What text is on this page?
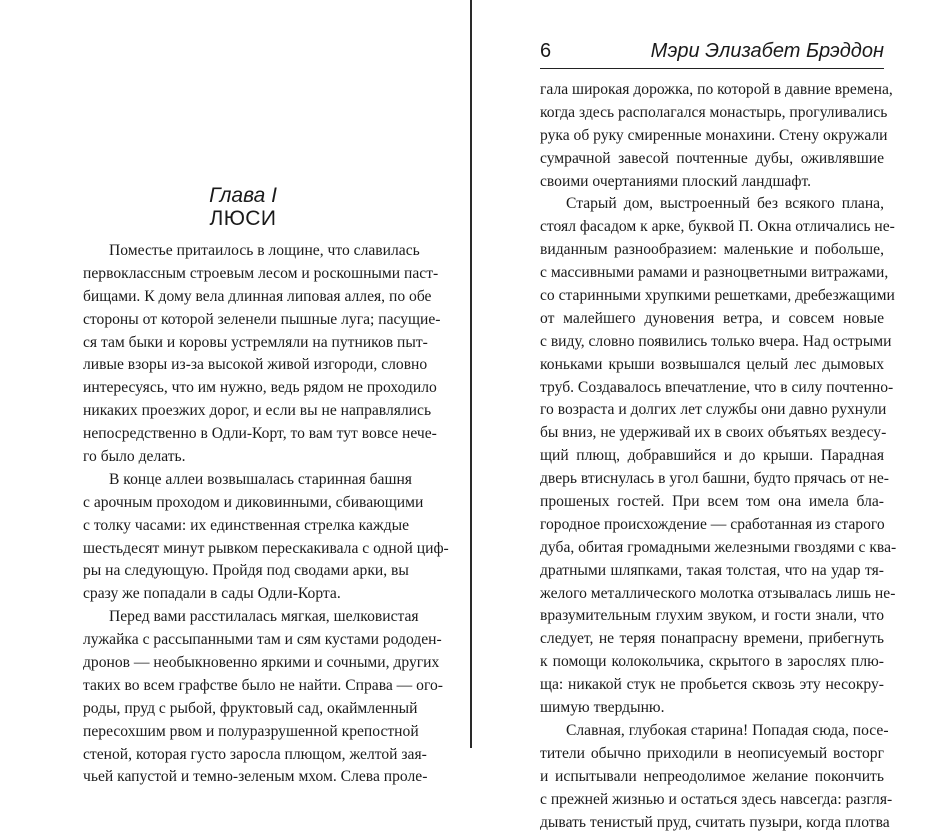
Глава I
ЛЮСИ
Поместье притаилось в лощине, что славилась
первоклассным строевым лесом и роскошными паст-
бищами. К дому вела длинная липовая аллея, по обе
стороны от которой зеленели пышные луга; пасущие-
ся там быки и коровы устремляли на путников пыт-
ливые взоры из-за высокой живой изгороди, словно
интересуясь, что им нужно, ведь рядом не проходило
никаких проезжих дорог, и если вы не направлялись
непосредственно в Одли-Корт, то вам тут вовсе нече-
го было делать.
В конце аллеи возвышалась старинная башня
с арочным проходом и диковинными, сбивающими
с толку часами: их единственная стрелка каждые
шестьдесят минут рывком перескакивала с одной циф-
ры на следующую. Пройдя под сводами арки, вы
сразу же попадали в сады Одли-Корта.
Перед вами расстилалась мягкая, шелковистая
лужайка с рассыпанными там и сям кустами рододен-
дронов — необыкновенно яркими и сочными, других
таких во всем графстве было не найти. Справа — ого-
роды, пруд с рыбой, фруктовый сад, окаймленный
пересохшим рвом и полуразрушенной крепостной
стеной, которая густо заросла плющом, желтой зая-
чьей капустой и темно-зеленым мхом. Слева проле-
6	Мэри Элизабет Брэддон
гала широкая дорожка, по которой в давние времена,
когда здесь располагался монастырь, прогуливались
рука об руку смиренные монахини. Стену окружали
сумрачной завесой почтенные дубы, оживлявшие
своими очертаниями плоский ландшафт.
Старый дом, выстроенный без всякого плана,
стоял фасадом к арке, буквой П. Окна отличались не-
виданным разнообразием: маленькие и побольше,
с массивными рамами и разноцветными витражами,
со старинными хрупкими решетками, дребезжащими
от малейшего дуновения ветра, и совсем новые
с виду, словно появились только вчера. Над острыми
коньками крыши возвышался целый лес дымовых
труб. Создавалось впечатление, что в силу почтенно-
го возраста и долгих лет службы они давно рухнули
бы вниз, не удерживай их в своих объятьях вездесу-
щий плющ, добравшийся и до крыши. Парадная
дверь втиснулась в угол башни, будто прячась от не-
прошеных гостей. При всем том она имела бла-
городное происхождение — сработанная из старого
дуба, обитая громадными железными гвоздями с ква-
дратными шляпками, такая толстая, что на удар тя-
желого металлического молотка отзывалась лишь не-
вразумительным глухим звуком, и гости знали, что
следует, не теряя понапрасну времени, прибегнуть
к помощи колокольчика, скрытого в зарослях плю-
ща: никакой стук не пробьется сквозь эту несокру-
шимую твердыню.
Славная, глубокая старина! Попадая сюда, посе-
тители обычно приходили в неописуемый восторг
и испытывали непреодолимое желание покончить
с прежней жизнью и остаться здесь навсегда: разгля-
дывать тенистый пруд, считать пузыри, когда плотва
